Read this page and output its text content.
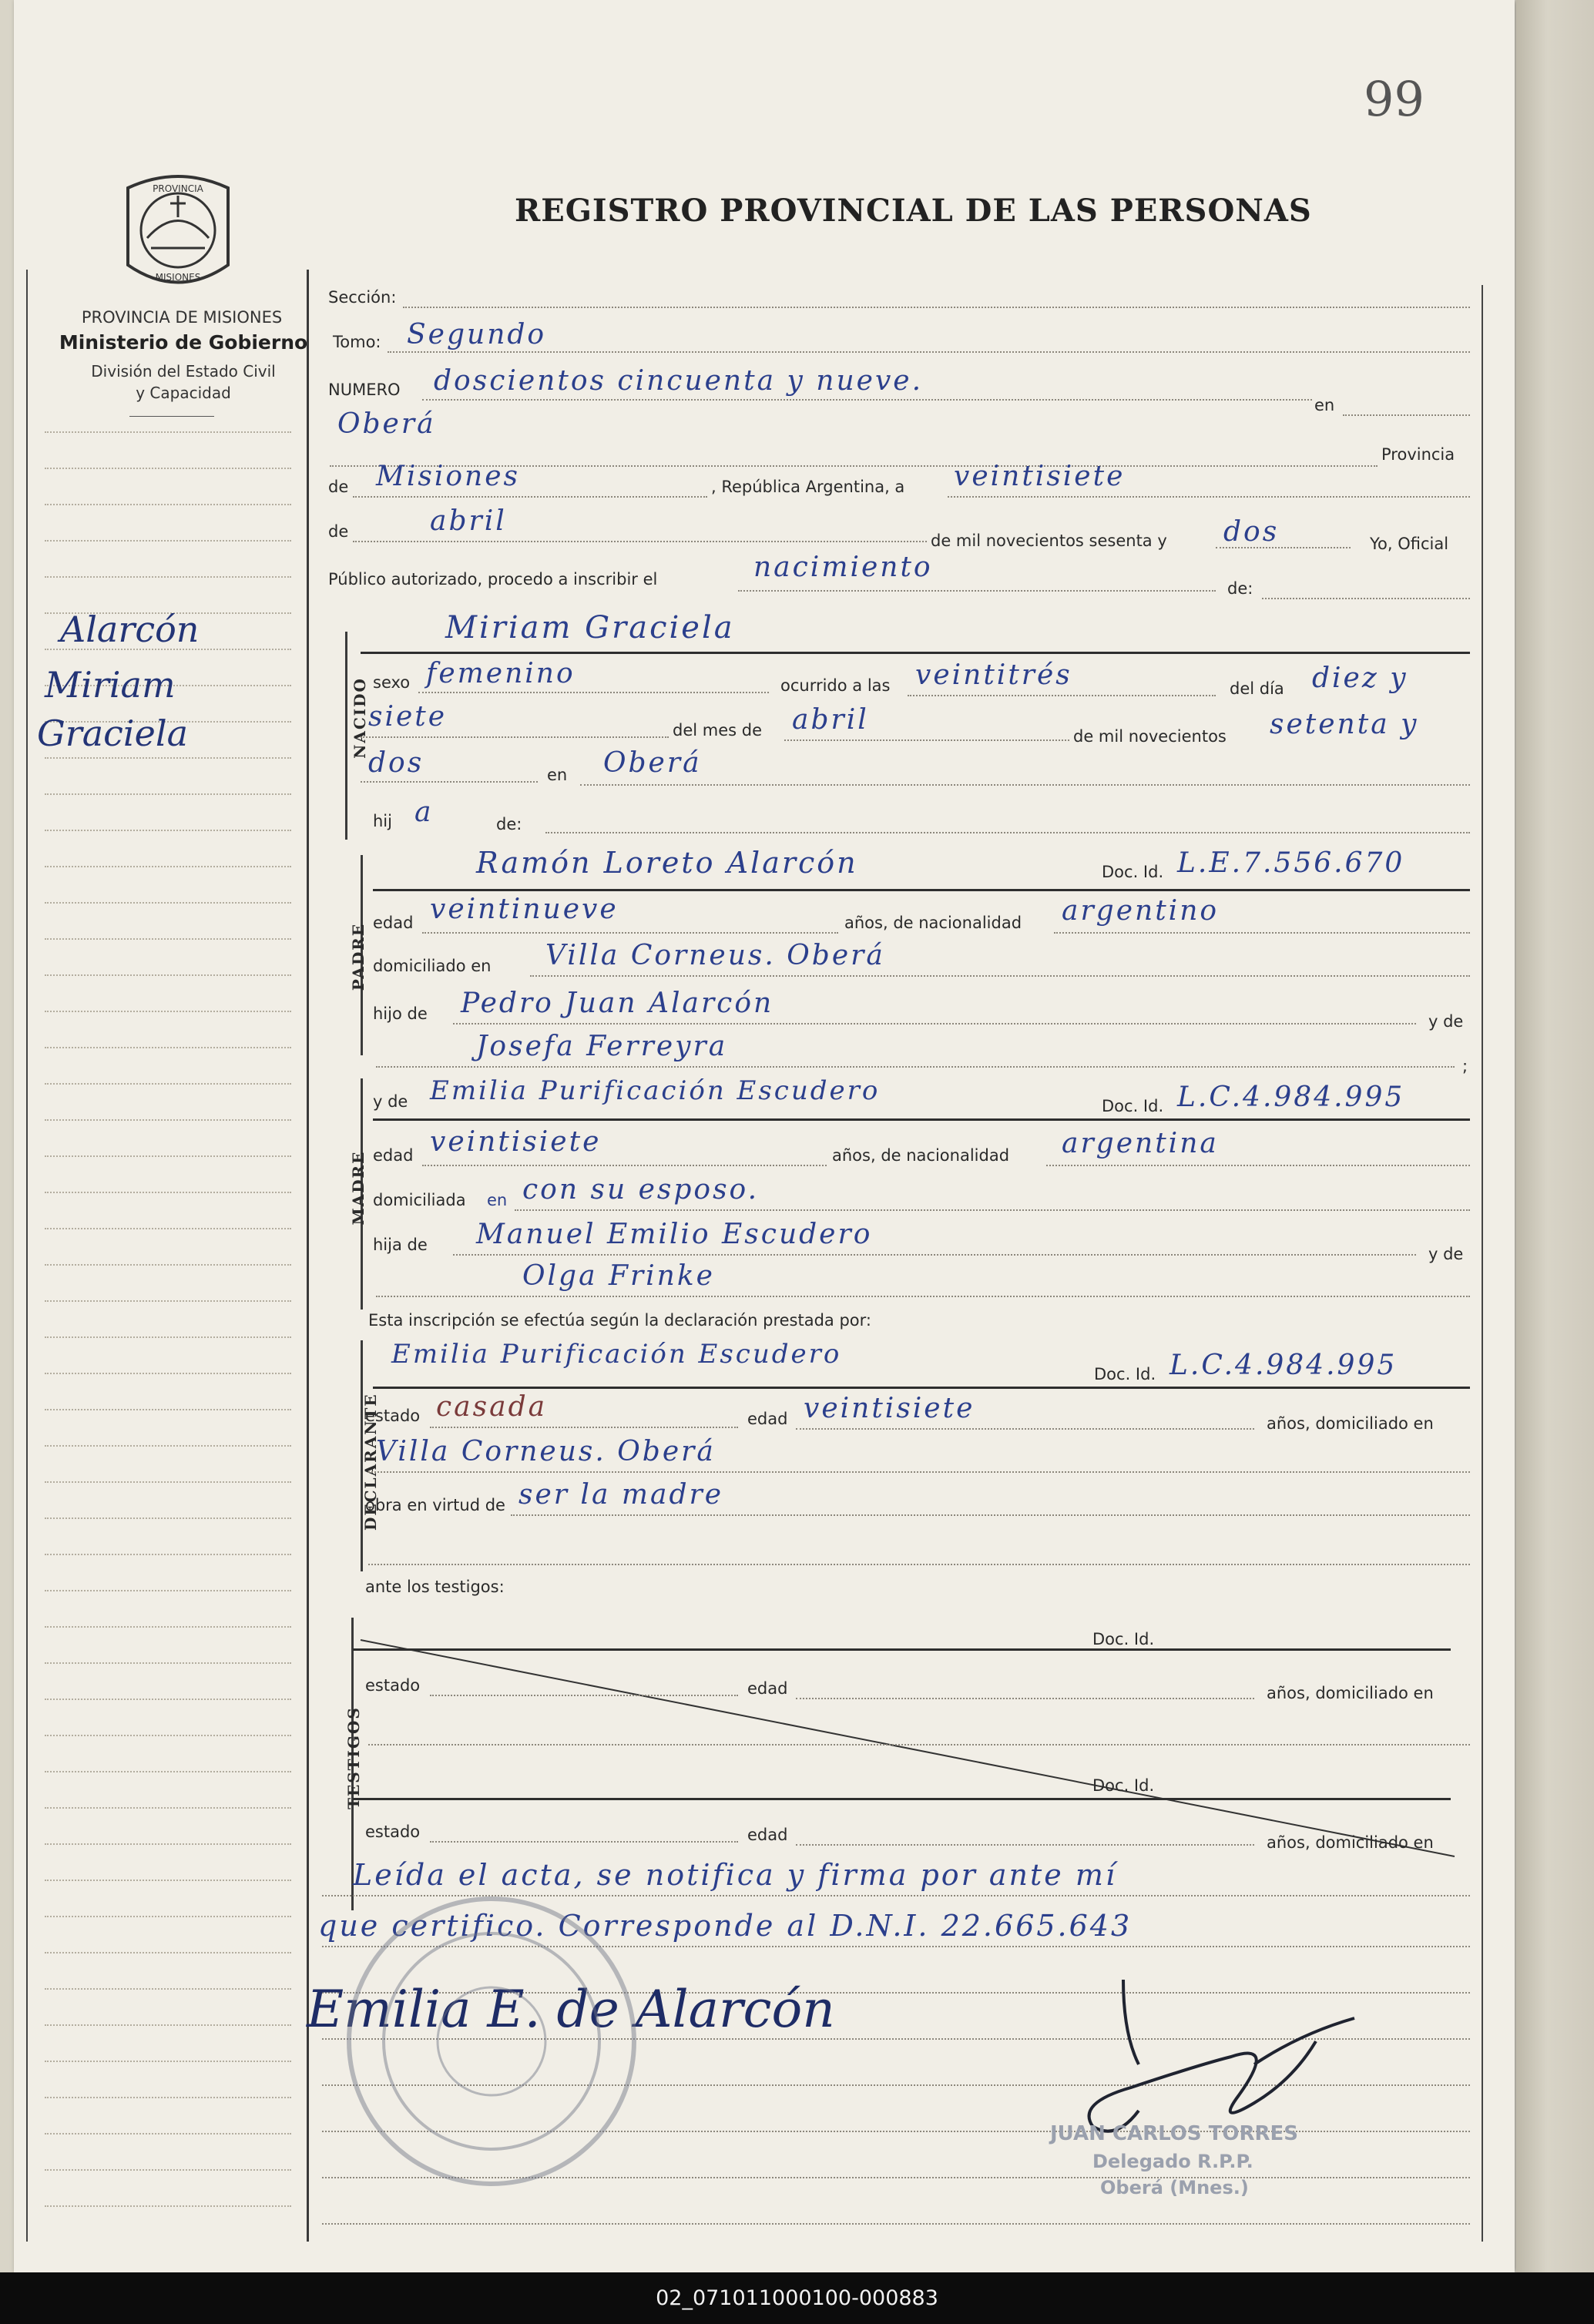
99
REGISTRO PROVINCIAL DE LAS PERSONAS
PROVINCIA
MISIONES
PROVINCIA DE MISIONES
Ministerio de Gobierno
División del Estado Civil
y Capacidad
Alarcón
Miriam
Graciela
Sección:
Tomo: Segundo
NUMERO doscientos cincuenta y nueve.
en
Oberá
Provincia
de Misiones	, República Argentina, a veintisiete
de	abril
de mil novecientos sesenta y dos	Yo, Oficial
Público autorizado, procedo a inscribir el	nacimiento
de:
NACIDO
Miriam Graciela
sexo femenino	ocurrido a las veintitrés	del día diez y
siete	del mes de abril
de mil novecientos setenta y
dos	en Oberá
hij a	de:
PADRE
Ramón Loreto Alarcón	Doc. Id. L.E.7.556.670
edad veintinueve	años, de nacionalidad argentino
domiciliado en Villa Corneus. Oberá
hijo de Pedro Juan Alarcón
y de
Josefa Ferreyra
;
MADRE
y de Emilia Purificación Escudero	Doc. Id. L.C.4.984.995
edad veintisiete	años, de nacionalidad argentina
domiciliada en con su esposo.
hija de Manuel Emilio Escudero
y de
Olga Frinke
Esta inscripción se efectúa según la declaración prestada por:
DECLARANTE
Emilia Purificación Escudero
Doc. Id. L.C.4.984.995
estado casada	edad veintisiete	años, domiciliado en
Villa Corneus. Oberá
obra en virtud de ser la madre
ante los testigos:
TESTIGOS
Doc. Id.
estado	edad	años, domiciliado en
Doc. Id.
estado	edad	años, domiciliado en
Leída el acta, se notifica y firma por ante mí
que certifico. Corresponde al D.N.I. 22.665.643
Emilia E. de Alarcón
JUAN CARLOS TORRES
Delegado R.P.P.
Oberá (Mnes.)
02_071011000100-000883
